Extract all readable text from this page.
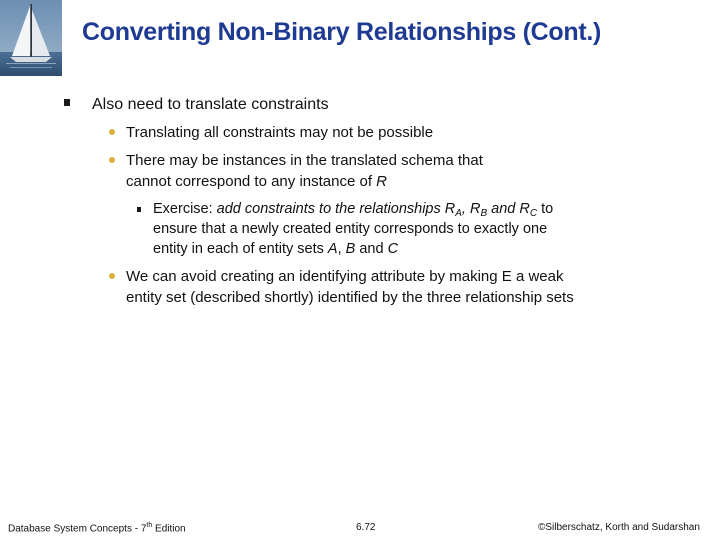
Converting Non-Binary Relationships (Cont.)
Also need to translate constraints
Translating all constraints may not be possible
There may be instances in the translated schema that
cannot correspond to any instance of R
Exercise: add constraints to the relationships $R_A$, $R_B$ and $R_C$ to
ensure that a newly created entity corresponds to exactly one
entity in each of entity sets A, B and C
We can avoid creating an identifying attribute by making E a weak
entity set (described shortly) identified by the three relationship sets
Database System Concepts - 7th Edition	6.72	©Silberschatz, Korth and Sudarshan
